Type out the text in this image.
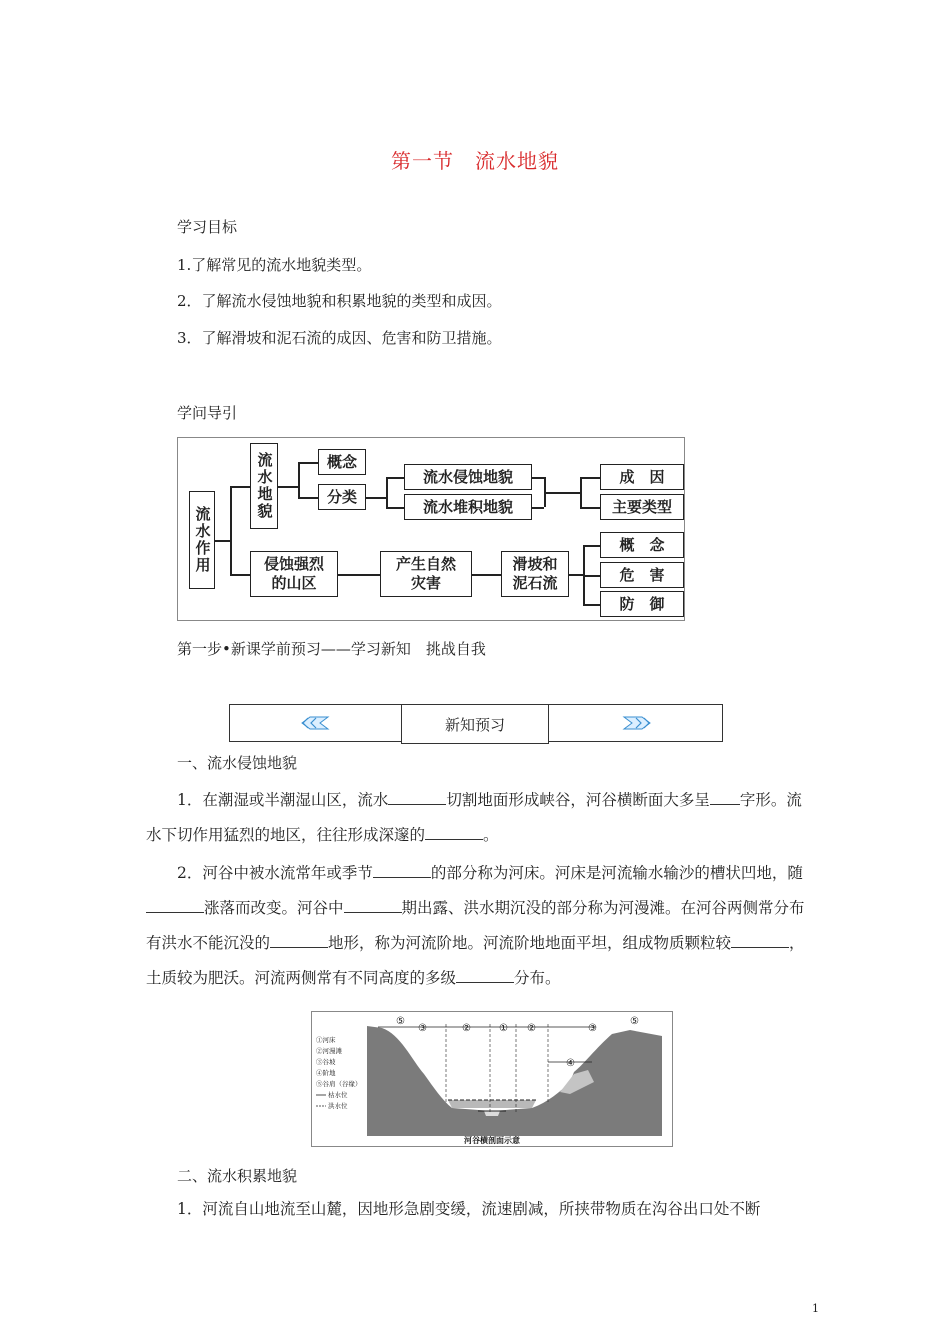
第一节　流水地貌
学习目标
1.了解常见的流水地貌类型。
2．了解流水侵蚀地貌和积累地貌的类型和成因。
3．了解滑坡和泥石流的成因、危害和防卫措施。
学问导引
流水作用
流水地貌	概念
分类
流水侵蚀地貌
流水堆积地貌
成　因
主要类型
侵蚀强烈
的山区
产生自然
灾害
滑坡和
泥石流
概　念
危　害
防　御
第一步•新课学前预习——学习新知　挑战自我
新知预习
一、流水侵蚀地貌

1．在潮湿或半潮湿山区，流水	切割地面形成峡谷，河谷横断面大多呈 字形。流水下切作用猛烈的地区，往往形成深邃的	。

2．河谷中被水流常年或季节	的部分称为河床。河床是河流输水输沙的槽状凹地，随涨落而改变。河谷中	期出露、洪水期沉没的部分称为河漫滩。在河谷两侧常分布有洪水不能沉没的	地形，称为河流阶地。河流阶地地面平坦，组成物质颗粒较	，土质较为肥沃。河流两侧常有不同高度的多级	分布。

⑤
③	②	① ②	③
⑤
④
①河床
②河漫滩
③谷坡
④阶地
⑤谷肩（谷缘）
枯水位
洪水位
河谷横剖面示意
二、流水积累地貌

1．河流自山地流至山麓，因地形急剧变缓，流速剧减，所挟带物质在沟谷出口处不断

1
